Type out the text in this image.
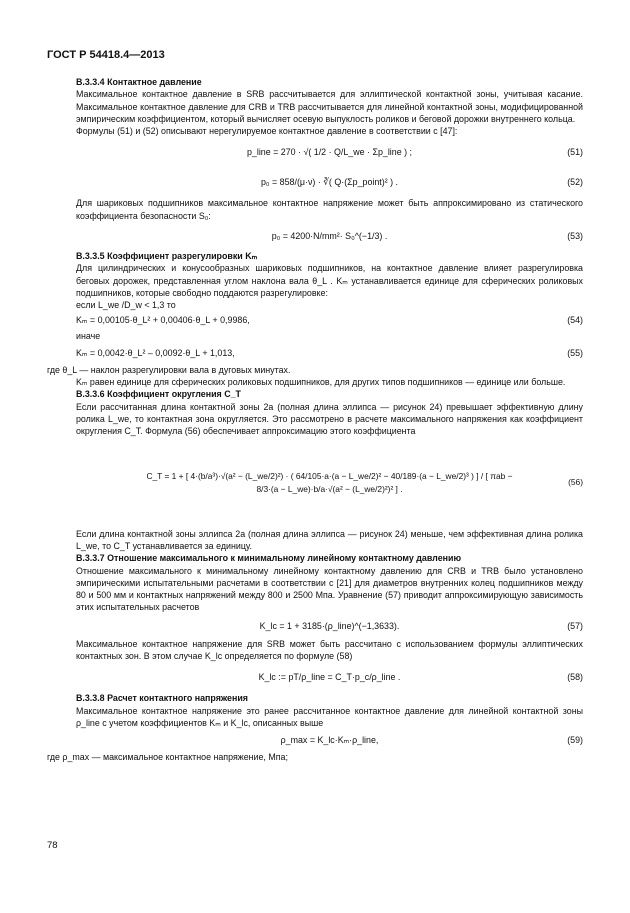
ГОСТ Р 54418.4—2013
В.3.3.4 Контактное давление

Максимальное контактное давление в SRB рассчитывается для эллиптической контактной зоны, учитывая касание. Максимальное контактное давление для CRB и TRB рассчитывается для линейной контактной зоны, модифицированной эмпирическим коэффициентом, который вычисляет осевую выпуклость роликов и беговой дорожки внутреннего кольца.

Формулы (51) и (52) описывают нерегулируемое контактное давление в соответствии с [47]:

p_line = 270 · √( 1/2 · Q/L_we · Σp_line ) ;	(51)
p₀ = 858/(μ·ν) · ∛( Q·(Σp_point)² ) .	(52)

Для шариковых подшипников максимальное контактное напряжение может быть аппроксимировано из статического коэффициента безопасности S₀:

p₀ = 4200·N/mm²· S₀^(−1/3) .	(53)
В.3.3.5 Коэффициент разрегулировки Kₘ

Для цилиндрических и конусообразных шариковых подшипников, на контактное давление влияет разрегулировка беговых дорожек, представленная углом наклона вала θ_L . Kₘ устанавливается единице для сферических роликовых подшипников, которые свободно поддаются разрегулировке:

если L_we /D_w < 1,3 то
Kₘ = 0,00105·θ_L² + 0,00406·θ_L + 0,9986,	(54)
иначе
Kₘ = 0,0042·θ_L² – 0,0092·θ_L + 1,013,	(55)
где θ_L — наклон разрегулировки вала в дуговых минутах.

Kₘ равен единице для сферических роликовых подшипников, для других типов подшипников — единице или больше.

В.3.3.6 Коэффициент округления C_T

Если рассчитанная длина контактной зоны 2a (полная длина эллипса — рисунок 24) превышает эффективную длину ролика L_we, то контактная зона округляется. Это рассмотрено в расчете максимального напряжения как коэффициент округления C_T. Формула (56) обеспечивает аппроксимацию этого коэффициента

C_T = 1 + [ 4·(b/a³)·√(a² − (L_we/2)²) · ( 64/105·a·(a − L_we/2)² − 40/189·(a − L_we/2)³ ) ] / [ πab − 8/3·(a − L_we)·b/a·√(a² − (L_we/2)²)² ] .
(56)

Если длина контактной зоны эллипса 2a (полная длина эллипса — рисунок 24) меньше, чем эффективная длина ролика L_we, то C_T устанавливается за единицу.

В.3.3.7 Отношение максимального к минимальному линейному контактному давлению

Отношение максимального к минимальному линейному контактному давлению для CRB и TRB было установлено эмпирическими испытательными расчетами в соответствии с [21] для диаметров внутренних колец подшипников между 80 и 500 мм и контактных напряжений между 800 и 2500 Мпа. Уравнение (57) приводит аппроксимирующую зависимость этих испытательных расчетов

K_lc = 1 + 3185·(ρ_line)^(−1,3633).	(57)

Максимальное контактное напряжение для SRB может быть рассчитано с использованием формулы эллиптических контактных зон. В этом случае K_lc определяется по формуле (58)

K_lc := pT/ρ_line = C_T·p_c/ρ_line .	(58)
В.3.3.8 Расчет контактного напряжения

Максимальное контактное напряжение это ранее рассчитанное контактное давление для линейной контактной зоны ρ_line с учетом коэффициентов Kₘ и K_lc, описанных выше

ρ_max = K_lc·Kₘ·ρ_line,	(59)
где ρ_max — максимальное контактное напряжение, Мпа;
78
